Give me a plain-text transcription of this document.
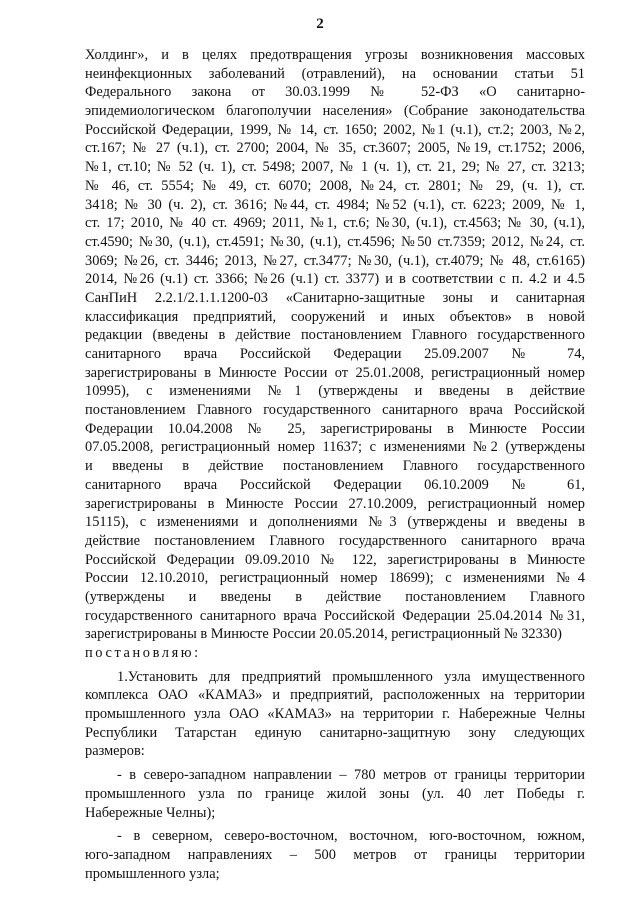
2
Холдинг», и в целях предотвращения угрозы возникновения массовых
неинфекционных заболеваний (отравлений), на основании статьи 51
Федерального закона от 30.03.1999 № 52-ФЗ «О санитарно-
эпидемиологическом благополучии населения» (Собрание законодательства
Российской Федерации, 1999, № 14, ст. 1650; 2002, №1 (ч.1), ст.2; 2003, №2,
ст.167; № 27 (ч.1), ст. 2700; 2004, № 35, ст.3607; 2005, №19, ст.1752; 2006,
№1, ст.10; № 52 (ч. 1), ст. 5498; 2007, № 1 (ч. 1), ст. 21, 29; № 27, ст. 3213;
№ 46, ст. 5554; № 49, ст. 6070; 2008, №24, ст. 2801; № 29, (ч. 1), ст.
3418; № 30 (ч. 2), ст. 3616; №44, ст. 4984; №52 (ч.1), ст. 6223; 2009, № 1,
ст. 17; 2010, № 40 ст. 4969; 2011, №1, ст.6; №30, (ч.1), ст.4563; № 30, (ч.1),
ст.4590; №30, (ч.1), ст.4591; №30, (ч.1), ст.4596; №50 ст.7359; 2012, №24, ст.
3069; №26, ст. 3446; 2013, №27, ст.3477; №30, (ч.1), ст.4079; № 48, ст.6165)
2014, №26 (ч.1) ст. 3366; №26 (ч.1) ст. 3377) и в соответствии с п. 4.2 и 4.5
СанПиН 2.2.1/2.1.1.1200-03 «Санитарно-защитные зоны и санитарная
классификация предприятий, сооружений и иных объектов» в новой
редакции (введены в действие постановлением Главного государственного
санитарного врача Российской Федерации 25.09.2007 № 74,
зарегистрированы в Минюсте России от 25.01.2008, регистрационный номер
10995), с изменениями №1 (утверждены и введены в действие
постановлением Главного государственного санитарного врача Российской
Федерации 10.04.2008 № 25, зарегистрированы в Минюсте России
07.05.2008, регистрационный номер 11637; с изменениями №2 (утверждены
и введены в действие постановлением Главного государственного
санитарного врача Российской Федерации 06.10.2009 № 61,
зарегистрированы в Минюсте России 27.10.2009, регистрационный номер
15115), с изменениями и дополнениями №3 (утверждены и введены в
действие постановлением Главного государственного санитарного врача
Российской Федерации 09.09.2010 № 122, зарегистрированы в Минюсте
России 12.10.2010, регистрационный номер 18699); с изменениями №4
(утверждены и введены в действие постановлением Главного
государственного санитарного врача Российской Федерации 25.04.2014 №31,
зарегистрированы в Минюсте России 20.05.2014, регистрационный № 32330)
постановляю:
1.Установить для предприятий промышленного узла имущественного
комплекса ОАО «КАМАЗ» и предприятий, расположенных на территории
промышленного узла ОАО «КАМАЗ» на территории г. Набережные Челны
Республики Татарстан единую санитарно-защитную зону следующих
размеров:
- в северо-западном направлении – 780 метров от границы территории
промышленного узла по границе жилой зоны (ул. 40 лет Победы г.
Набережные Челны);
- в северном, северо-восточном, восточном, юго-восточном, южном,
юго-западном направлениях – 500 метров от границы территории
промышленного узла;
